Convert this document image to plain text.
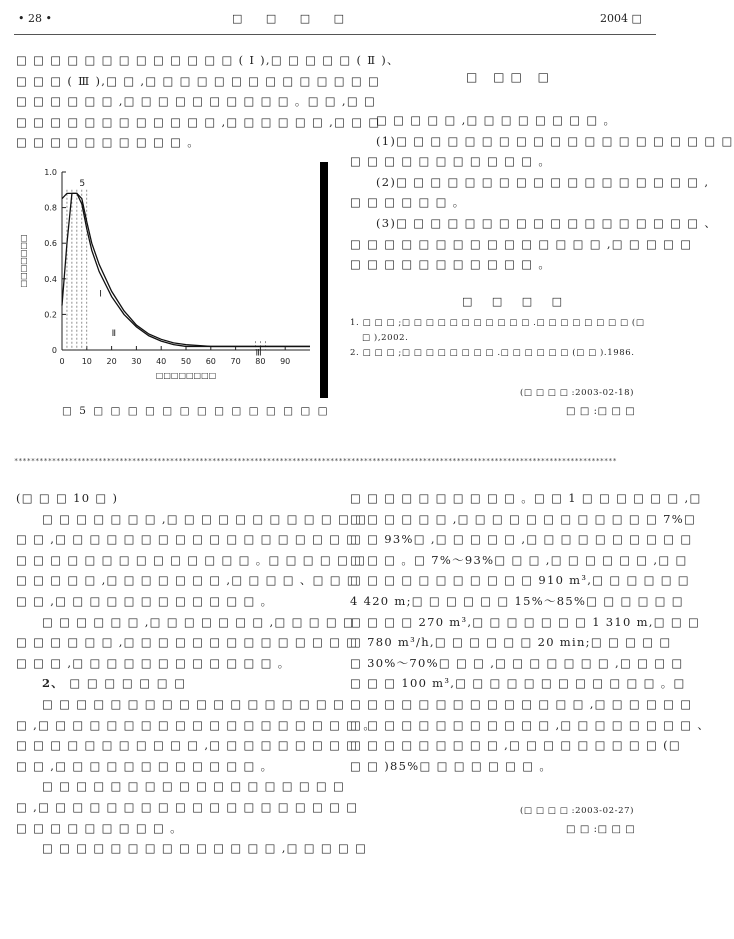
• 28 •	□ □ □ □	2004 □
□ □ □ □ □ □ □ □ □ □ □ □ □ ( Ⅰ ),□ □ □ □ □ ( Ⅱ )、
□ □ □ ( Ⅲ ),□ □ ,□ □ □ □ □ □ □ □ □ □ □ □ □ □
□ □ □ □ □ □ ,□ □ □ □ □ □ □ □ □ □ 。□ □ ,□ □
□ □ □ □ □ □ □ □ □ □ □ □ ,□ □ □ □ □ □ ,□ □ □
□ □ □ □ □ □ □ □ □ □ 。
0
0.2
0.4
0.6
0.8
1.0
0 10 20 30 40 50 60 70 80 90
5
Ⅲ
Ⅱ
Ⅰ
□□□□□□□□
□□□□□□□
□ 5 □ □ □ □ □ □ □ □ □ □ □ □ □ □
□ □□ □
□ □ □ □ □ ,□ □ □ □ □ □ □ □ 。
(1)□ □ □ □ □ □ □ □ □ □ □ □ □ □ □ □ □ □ □ □
□ □ □ □ □ □ □ □ □ □ □ 。
(2)□ □ □ □ □ □ □ □ □ □ □ □ □ □ □ □ □ □ ,
□ □ □ □ □ □ 。
(3)□ □ □ □ □ □ □ □ □ □ □ □ □ □ □ □ □ □ 、
□ □ □ □ □ □ □ □ □ □ □ □ □ □ □ ,□ □ □ □ □
□ □ □ □ □ □ □ □ □ □ □ 。
□ □ □ □
1. □ □ □ ;□ □ □ □ □ □ □ □ □ □ □ .□ □ □ □ □ □ □ □ (□
□ ),2002.
2. □ □ □ ;□ □ □ □ □ □ □ □ .□ □ □ □ □ □ (□ □ ).1986.
(□ □ □ □ :2003-02-18)
□ □ :□ □ □
***********************************************************************************************************************************************
(□ □ □ 10 □ )
□ □ □ □ □ □ □ ,□ □ □ □ □ □ □ □ □ □ □ □
□ □ ,□ □ □ □ □ □ □ □ □ □ □ □ □ □ □ □ □ □
□ □ □ □ □ □ □ □ □ □ □ □ □ □ 。□ □ □ □ □ □
□ □ □ □ □ ,□ □ □ □ □ □ □ ,□ □ □ □ 、□ □ □
□ □ ,□ □ □ □ □ □ □ □ □ □ □ □ 。
□ □ □ □ □ □ ,□ □ □ □ □ □ □ ,□ □ □ □ □
□ □ □ □ □ □ ,□ □ □ □ □ □ □ □ □ □ □ □ □ □
□ □ □ ,□ □ □ □ □ □ □ □ □ □ □ □ 。
2、 □ □ □ □ □ □ □
□ □ □ □ □ □ □ □ □ □ □ □ □ □ □ □ □ □
□ ,□ □ □ □ □ □ □ □ □ □ □ □ □ □ □ □ □ □ □ 。
□ □ □ □ □ □ □ □ □ □ □ ,□ □ □ □ □ □ □ □ □
□ □ ,□ □ □ □ □ □ □ □ □ □ □ □ 。
□ □ □ □ □ □ □ □ □ □ □ □ □ □ □ □ □ □
□ ,□ □ □ □ □ □ □ □ □ □ □ □ □ □ □ □ □ □ □
□ □ □ □ □ □ □ □ □ 。
□ □ □ □ □ □ □ □ □ □ □ □ □ □ ,□ □ □ □ □
□ □ □ □ □ □ □ □ □ □ 。□ □ 1 □ □ □ □ □ □ ,□
□ □ □ □ □ □ ,□ □ □ □ □ □ □ □ □ □ □ □ 7%□
□ □ 93%□ ,□ □ □ □ □ ,□ □ □ □ □ □ □ □ □ □
□ □ □ 。□ 7%～93%□ □ □ ,□ □ □ □ □ □ ,□ □
□ □ □ □ □ □ □ □ □ □ □ 910 m³,□ □ □ □ □ □
4 420 m;□ □ □ □ □ □ 15%～85%□ □ □ □ □ □
□ □ □ □ 270 m³,□ □ □ □ □ □ □ 1 310 m,□ □ □
□ 780 m³/h,□ □ □ □ □ □ 20 min;□ □ □ □ □
□ 30%～70%□ □ □ ,□ □ □ □ □ □ □ ,□ □ □ □
□ □ □ 100 m³,□ □ □ □ □ □ □ □ □ □ □ □ 。□
□ □ □ □ □ □ □ □ □ □ □ □ □ □ ,□ □ □ □ □ □
□ □ □ □ □ □ □ □ □ □ □ □ ,□ □ □ □ □ □ □ □ 、
□ □ □ □ □ □ □ □ □ ,□ □ □ □ □ □ □ □ □ (□
□ □ )85%□ □ □ □ □ □ □ 。
(□ □ □ □ :2003-02-27)
□ □ :□ □ □
